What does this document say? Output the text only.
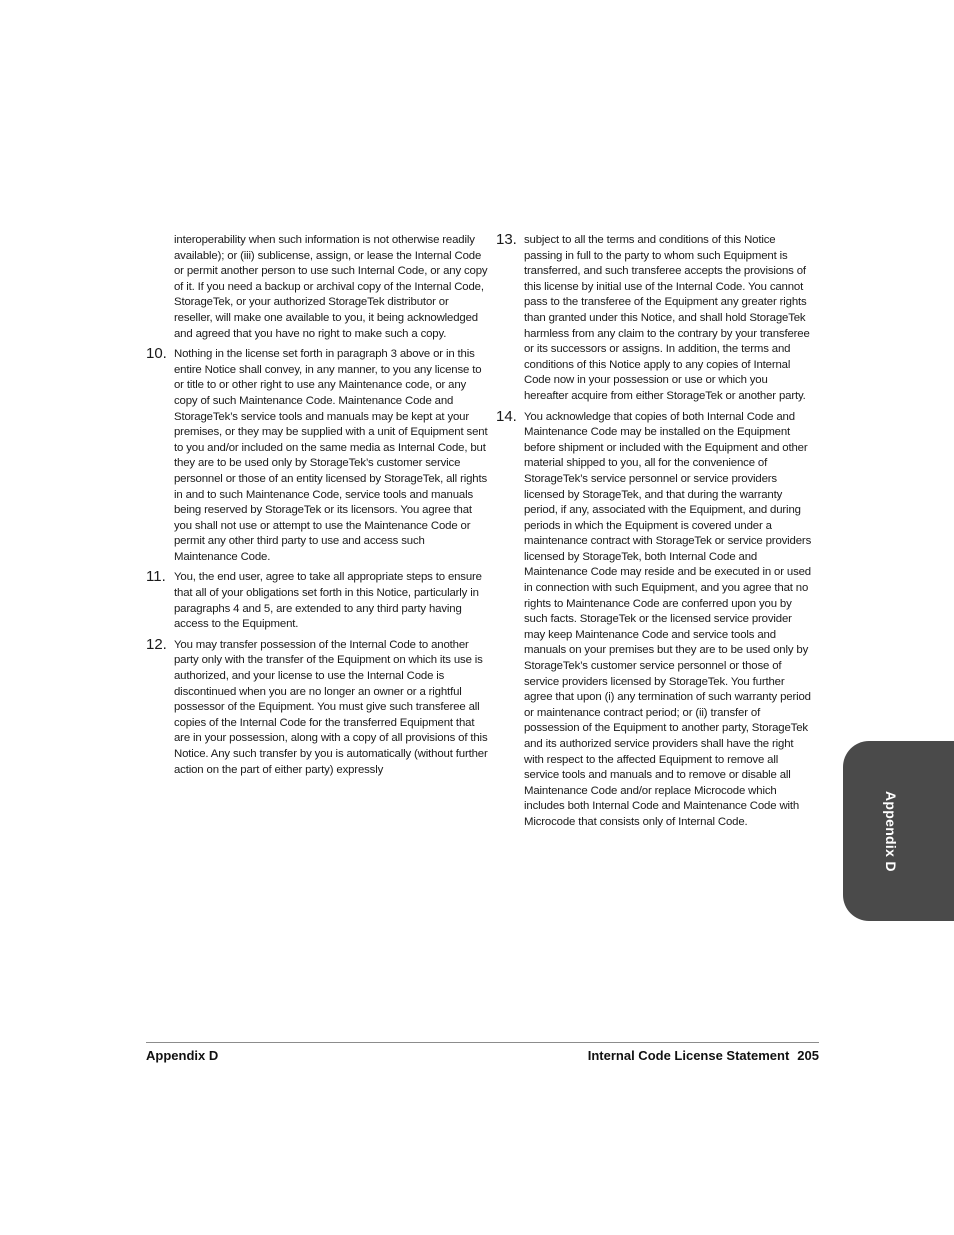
interoperability when such information is not otherwise readily available); or (iii) sublicense, assign, or lease the Internal Code or permit another person to use such Internal Code, or any copy of it. If you need a backup or archival copy of the Internal Code, StorageTek, or your authorized StorageTek distributor or reseller, will make one available to you, it being acknowledged and agreed that you have no right to make such a copy.

10. Nothing in the license set forth in paragraph 3 above or in this entire Notice shall convey, in any manner, to you any license to or title to or other right to use any Maintenance code, or any copy of such Maintenance Code. Maintenance Code and StorageTek’s service tools and manuals may be kept at your premises, or they may be supplied with a unit of Equipment sent to you and/or included on the same media as Internal Code, but they are to be used only by StorageTek’s customer service personnel or those of an entity licensed by StorageTek, all rights in and to such Maintenance Code, service tools and manuals being reserved by StorageTek or its licensors. You agree that you shall not use or attempt to use the Maintenance Code or permit any other third party to use and access such Maintenance Code.

11. You, the end user, agree to take all appropriate steps to ensure that all of your obligations set forth in this Notice, particularly in paragraphs 4 and 5, are extended to any third party having access to the Equipment.

12. You may transfer possession of the Internal Code to another party only with the transfer of the Equipment on which its use is authorized, and your license to use the Internal Code is discontinued when you are no longer an owner or a rightful possessor of the Equipment. You must give such transferee all copies of the Internal Code for the transferred Equipment that are in your possession, along with a copy of all provisions of this Notice. Any such transfer by you is automatically (without further action on the part of either party) expressly

13. subject to all the terms and conditions of this Notice passing in full to the party to whom such Equipment is transferred, and such transferee accepts the provisions of this license by initial use of the Internal Code. You cannot pass to the transferee of the Equipment any greater rights than granted under this Notice, and shall hold StorageTek harmless from any claim to the contrary by your transferee or its successors or assigns. In addition, the terms and conditions of this Notice apply to any copies of Internal Code now in your possession or use or which you hereafter acquire from either StorageTek or another party.

14. You acknowledge that copies of both Internal Code and Maintenance Code may be installed on the Equipment before shipment or included with the Equipment and other material shipped to you, all for the convenience of StorageTek’s service personnel or service providers licensed by StorageTek, and that during the warranty period, if any, associated with the Equipment, and during periods in which the Equipment is covered under a maintenance contract with StorageTek or service providers licensed by StorageTek, both Internal Code and Maintenance Code may reside and be executed in or used in connection with such Equipment, and you agree that no rights to Maintenance Code are conferred upon you by such facts. StorageTek or the licensed service provider may keep Maintenance Code and service tools and manuals on your premises but they are to be used only by StorageTek’s customer service personnel or those of service providers licensed by StorageTek. You further agree that upon (i) any termination of such warranty period or maintenance contract period; or (ii) transfer of possession of the Equipment to another party, StorageTek and its authorized service providers shall have the right with respect to the affected Equipment to remove all service tools and manuals and to remove or disable all Maintenance Code and/or replace Microcode which includes both Internal Code and Maintenance Code with Microcode that consists only of Internal Code.	Appendix D
Appendix D	Internal Code License Statement 205
